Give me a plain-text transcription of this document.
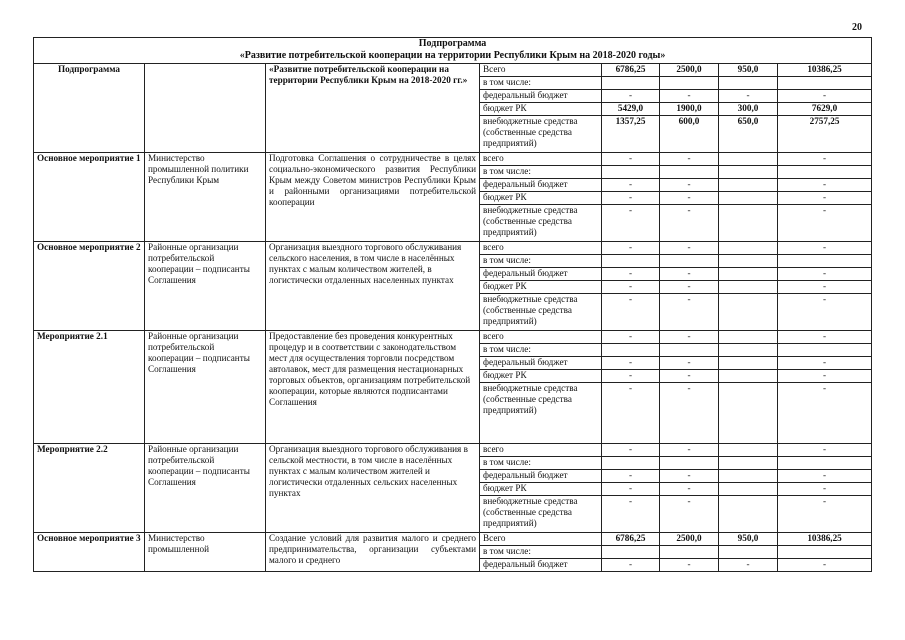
20
Подпрограмма
«Развитие потребительской кооперации на территории Республики Крым на 2018-2020 годы»							

Подпрограмма		«Развитие потребительской кооперации на территории Республики Крым на 2018-2020 гг.»	Всего	6786,25	2500,0	950,0	10386,25
			в том числе:				
			федеральный бюджет	-	-	-	-
			бюджет РК	5429,0	1900,0	300,0	7629,0
			внебюджетные средства (собственные средства предприятий)	1357,25	600,0	650,0	2757,25
Основное мероприятие 1	Министерство промышленной политики Республики Крым	Подготовка Соглашения о сотрудничестве в целях социально-экономического развития Республики Крым между Советом министров Республики Крым и районными организациями потребительской кооперации	всего	-	-		-
			в том числе:				
			федеральный бюджет	-	-		-
			бюджет РК	-	-		-
			внебюджетные средства (собственные средства предприятий)	-	-		-
Основное мероприятие 2	Районные организации потребительской кооперации – подписанты Соглашения	Организация выездного торгового обслуживания сельского населения, в том числе в населённых пунктах с малым количеством жителей, в логистически отдаленных населенных пунктах	всего	-	-		-
			в том числе:				
			федеральный бюджет	-	-		-
			бюджет РК	-	-		-
			внебюджетные средства (собственные средства предприятий)	-	-		-
Мероприятие 2.1	Районные организации потребительской кооперации – подписанты Соглашения	Предоставление без проведения конкурентных процедур и в соответствии с законодательством мест для осуществления торговли посредством автолавок, мест для размещения нестационарных торговых объектов, организациям потребительской кооперации, которые являются подписантами Соглашения	всего	-	-		-
			в том числе:				
			федеральный бюджет	-	-		-
			бюджет РК	-	-		-
			внебюджетные средства (собственные средства предприятий)	-	-		-
Мероприятие 2.2	Районные организации потребительской кооперации – подписанты Соглашения	Организация выездного торгового обслуживания в сельской местности, в том числе в населённых пунктах с малым количеством жителей и логистически отдаленных сельских населенных пунктах	всего	-	-		-
			в том числе:				
			федеральный бюджет	-	-		-
			бюджет РК	-	-		-
			внебюджетные средства (собственные средства предприятий)	-	-		-
Основное мероприятие 3	Министерство промышленной	Создание условий для развития малого и среднего предпринимательства, организации субъектами малого и среднего	Всего	6786,25	2500,0	950,0	10386,25
			в том числе:				
			федеральный бюджет	-	-	-	-
